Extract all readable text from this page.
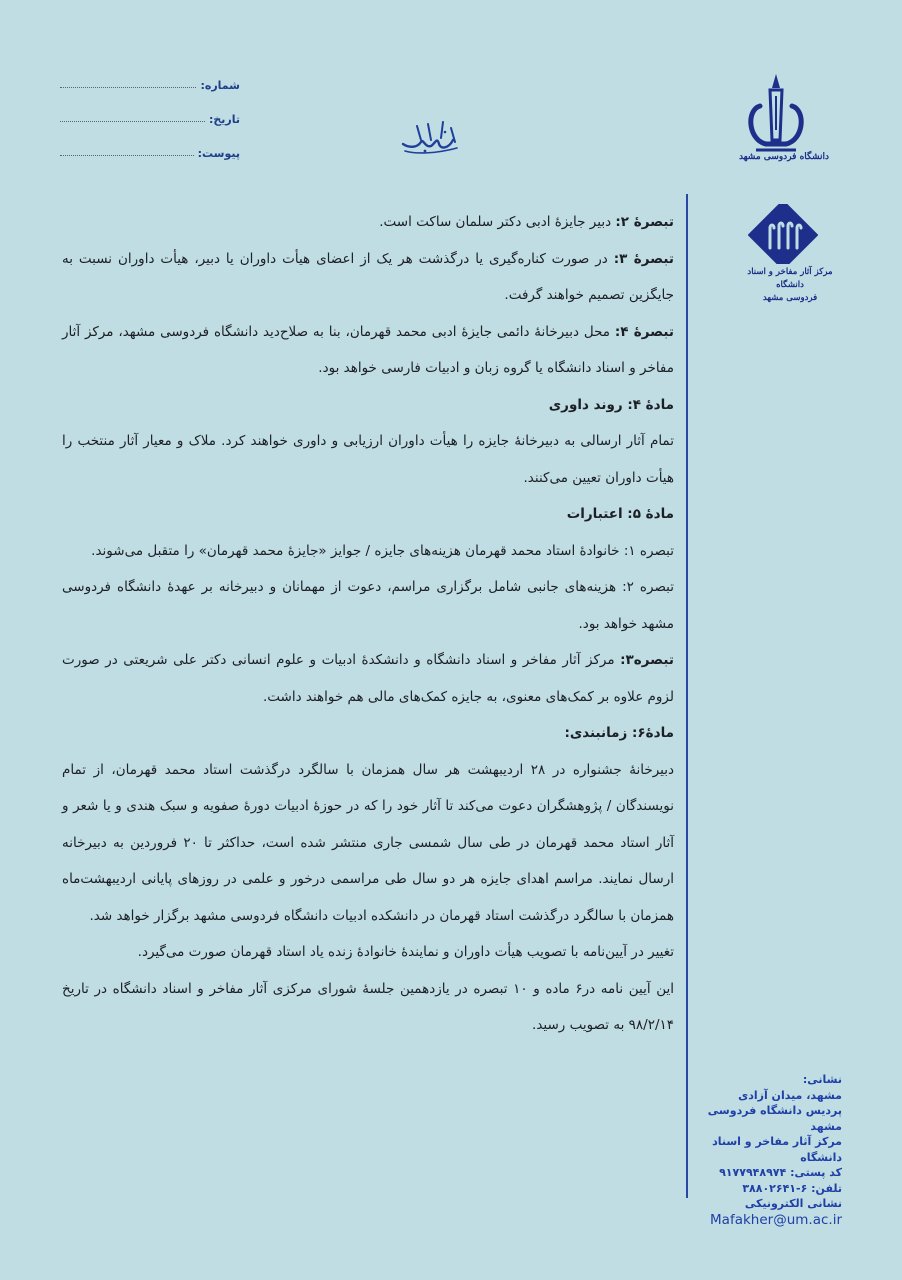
شماره:
تاریخ:
پیوست:	دانشگاه فردوسی مشهد
مرکز آثار مفاخر و اسناد دانشگاه
فردوسی مشهد

تبصرهٔ ۲: دبیر جایزهٔ ادبی دکتر سلمان ساکت است.

تبصرهٔ ۳: در صورت کناره‌گیری یا درگذشت هر یک از اعضای هیأت داوران یا دبیر، هیأت داوران نسبت به جایگزین تصمیم خواهند گرفت.

تبصرهٔ ۴: محل دبیرخانهٔ دائمی جایزهٔ ادبی محمد قهرمان، بنا به صلاح‌دید دانشگاه فردوسی مشهد، مرکز آثار مفاخر و اسناد دانشگاه یا گروه زبان و ادبیات فارسی خواهد بود.

مادهٔ ۴: روند داوری

تمام آثار ارسالی به دبیرخانهٔ جایزه را هیأت داوران ارزیابی و داوری خواهند کرد. ملاک و معیار آثار منتخب را هیأت داوران تعیین می‌کنند.

مادهٔ ۵: اعتبارات

تبصره ۱: خانوادهٔ استاد محمد قهرمان هزینه‌های جایزه / جوایز «جایزهٔ محمد قهرمان» را متقبل می‌شوند.

تبصره ۲: هزینه‌های جانبی شامل برگزاری مراسم، دعوت از مهمانان و دبیرخانه بر عهدهٔ دانشگاه فردوسی مشهد خواهد بود.

تبصره۳: مرکز آثار مفاخر و اسناد دانشگاه و دانشکدهٔ ادبیات و علوم انسانی دکتر علی شریعتی در صورت لزوم علاوه بر کمک‌های معنوی، به جایزه کمک‌های مالی هم خواهند داشت.

مادهٔ۶: زمانبندی:

دبیرخانهٔ جشنواره در ۲۸ اردیبهشت هر سال همزمان با سالگرد درگذشت استاد محمد قهرمان، از تمام نویسندگان / پژوهشگران دعوت می‌کند تا آثار خود را که در حوزهٔ ادبیات دورهٔ صفویه و سبک هندی و یا شعر و آثار استاد محمد قهرمان در طی سال شمسی جاری منتشر شده است، حداکثر تا ۲۰ فروردین به دبیرخانه ارسال نمایند. مراسم اهدای جایزه هر دو سال طی مراسمی درخور و علمی در روزهای پایانی اردیبهشت‌ماه همزمان با سالگرد درگذشت استاد قهرمان در دانشکده ادبیات دانشگاه فردوسی مشهد برگزار خواهد شد.

تغییر در آیین‌نامه با تصویب هیأت داوران و نمایندهٔ خانوادهٔ زنده یاد استاد قهرمان صورت می‌گیرد.

این آیین نامه در۶ ماده و ۱۰ تبصره در یازدهمین جلسهٔ شورای مرکزی آثار مفاخر و اسناد دانشگاه در تاریخ ۹۸/۲/۱۴ به تصویب رسید.

نشانی:
مشهد، میدان آزادی
پردیس دانشگاه فردوسی مشهد
مرکز آثار مفاخر و اسناد دانشگاه
کد پستی: ۹۱۷۷۹۴۸۹۷۴
تلفن: ۶-۳۸۸۰۲۶۴۱
نشانی الکترونیکی
Mafakher@um.ac.ir
